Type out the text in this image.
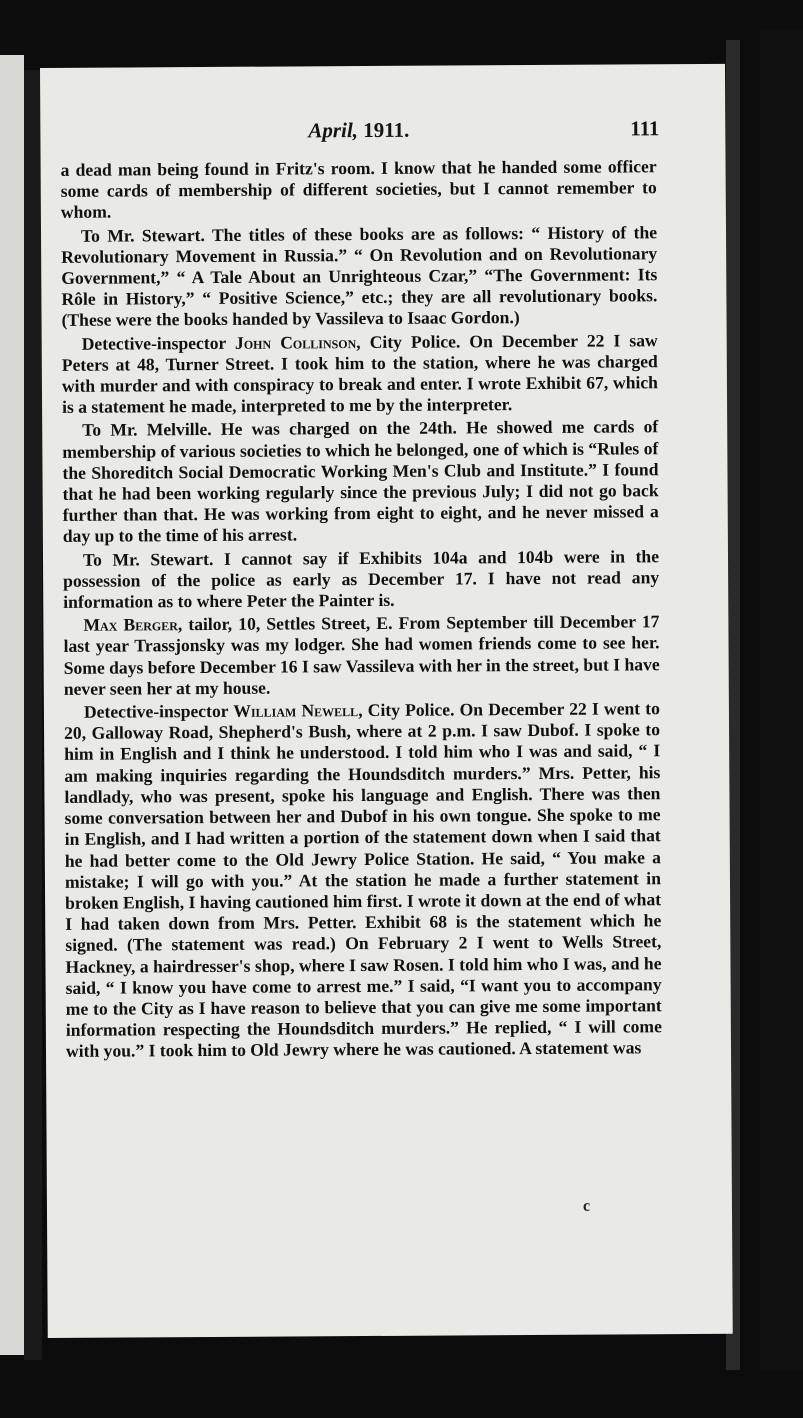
April, 1911.	111

a dead man being found in Fritz's room. I know that he handed some officer some cards of membership of different societies, but I cannot remember to whom.

To Mr. Stewart. The titles of these books are as follows: “ History of the Revolutionary Movement in Russia.” “ On Revolution and on Revolutionary Government,” “ A Tale About an Unrighteous Czar,” “The Government: Its Rôle in History,” “ Positive Science,” etc.; they are all revolutionary books. (These were the books handed by Vassileva to Isaac Gordon.)

Detective-inspector John Collinson, City Police. On December 22 I saw Peters at 48, Turner Street. I took him to the station, where he was charged with murder and with conspiracy to break and enter. I wrote Exhibit 67, which is a statement he made, interpreted to me by the interpreter.

To Mr. Melville. He was charged on the 24th. He showed me cards of membership of various societies to which he belonged, one of which is “Rules of the Shoreditch Social Democratic Working Men's Club and Institute.” I found that he had been working regularly since the previous July; I did not go back further than that. He was working from eight to eight, and he never missed a day up to the time of his arrest.

To Mr. Stewart. I cannot say if Exhibits 104a and 104b were in the possession of the police as early as December 17. I have not read any information as to where Peter the Painter is.

Max Berger, tailor, 10, Settles Street, E. From September till December 17 last year Trassjonsky was my lodger. She had women friends come to see her. Some days before December 16 I saw Vassileva with her in the street, but I have never seen her at my house.

Detective-inspector William Newell, City Police. On December 22 I went to 20, Galloway Road, Shepherd's Bush, where at 2 p.m. I saw Dubof. I spoke to him in English and I think he understood. I told him who I was and said, “ I am making inquiries regarding the Houndsditch murders.” Mrs. Petter, his landlady, who was present, spoke his language and English. There was then some conversation between her and Dubof in his own tongue. She spoke to me in English, and I had written a portion of the statement down when I said that he had better come to the Old Jewry Police Station. He said, “ You make a mistake; I will go with you.” At the station he made a further statement in broken English, I having cautioned him first. I wrote it down at the end of what I had taken down from Mrs. Petter. Exhibit 68 is the statement which he signed. (The statement was read.) On February 2 I went to Wells Street, Hackney, a hairdresser's shop, where I saw Rosen. I told him who I was, and he said, “ I know you have come to arrest me.” I said, “I want you to accompany me to the City as I have reason to believe that you can give me some important information respecting the Houndsditch murders.” He replied, “ I will come with you.” I took him to Old Jewry where he was cautioned. A statement was

c
